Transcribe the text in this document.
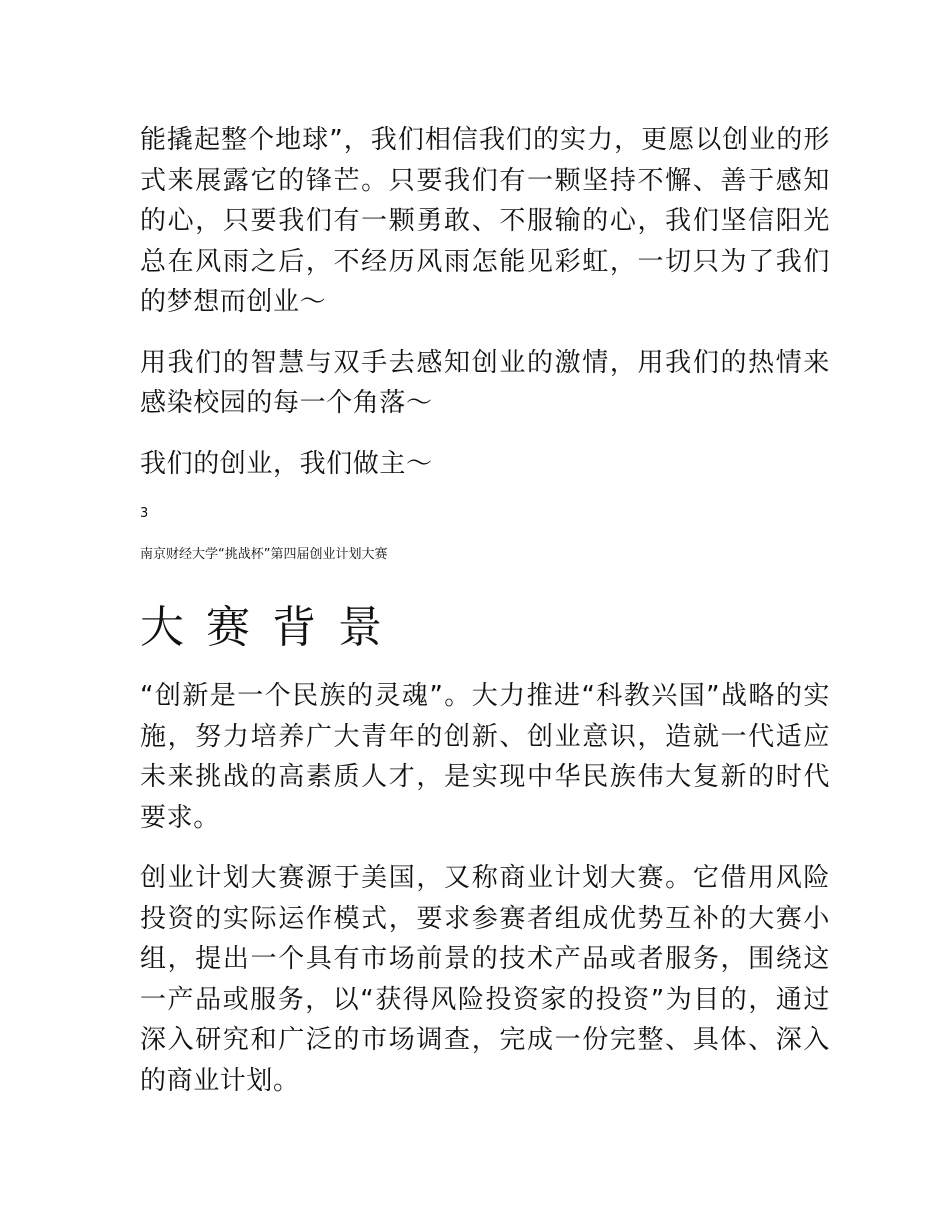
能撬起整个地球”，我们相信我们的实力，更愿以创业的形式来展露它的锋芒。只要我们有一颗坚持不懈、善于感知的心，只要我们有一颗勇敢、不服输的心，我们坚信阳光总在风雨之后，不经历风雨怎能见彩虹，一切只为了我们的梦想而创业～

用我们的智慧与双手去感知创业的激情，用我们的热情来感染校园的每一个角落～

我们的创业，我们做主～

3
南京财经大学“挑战杯”第四届创业计划大赛
大赛背景

“创新是一个民族的灵魂”。大力推进“科教兴国”战略的实施，努力培养广大青年的创新、创业意识，造就一代适应未来挑战的高素质人才，是实现中华民族伟大复新的时代要求。

创业计划大赛源于美国，又称商业计划大赛。它借用风险投资的实际运作模式，要求参赛者组成优势互补的大赛小组，提出一个具有市场前景的技术产品或者服务，围绕这一产品或服务，以“获得风险投资家的投资”为目的，通过深入研究和广泛的市场调查，完成一份完整、具体、深入的商业计划。
